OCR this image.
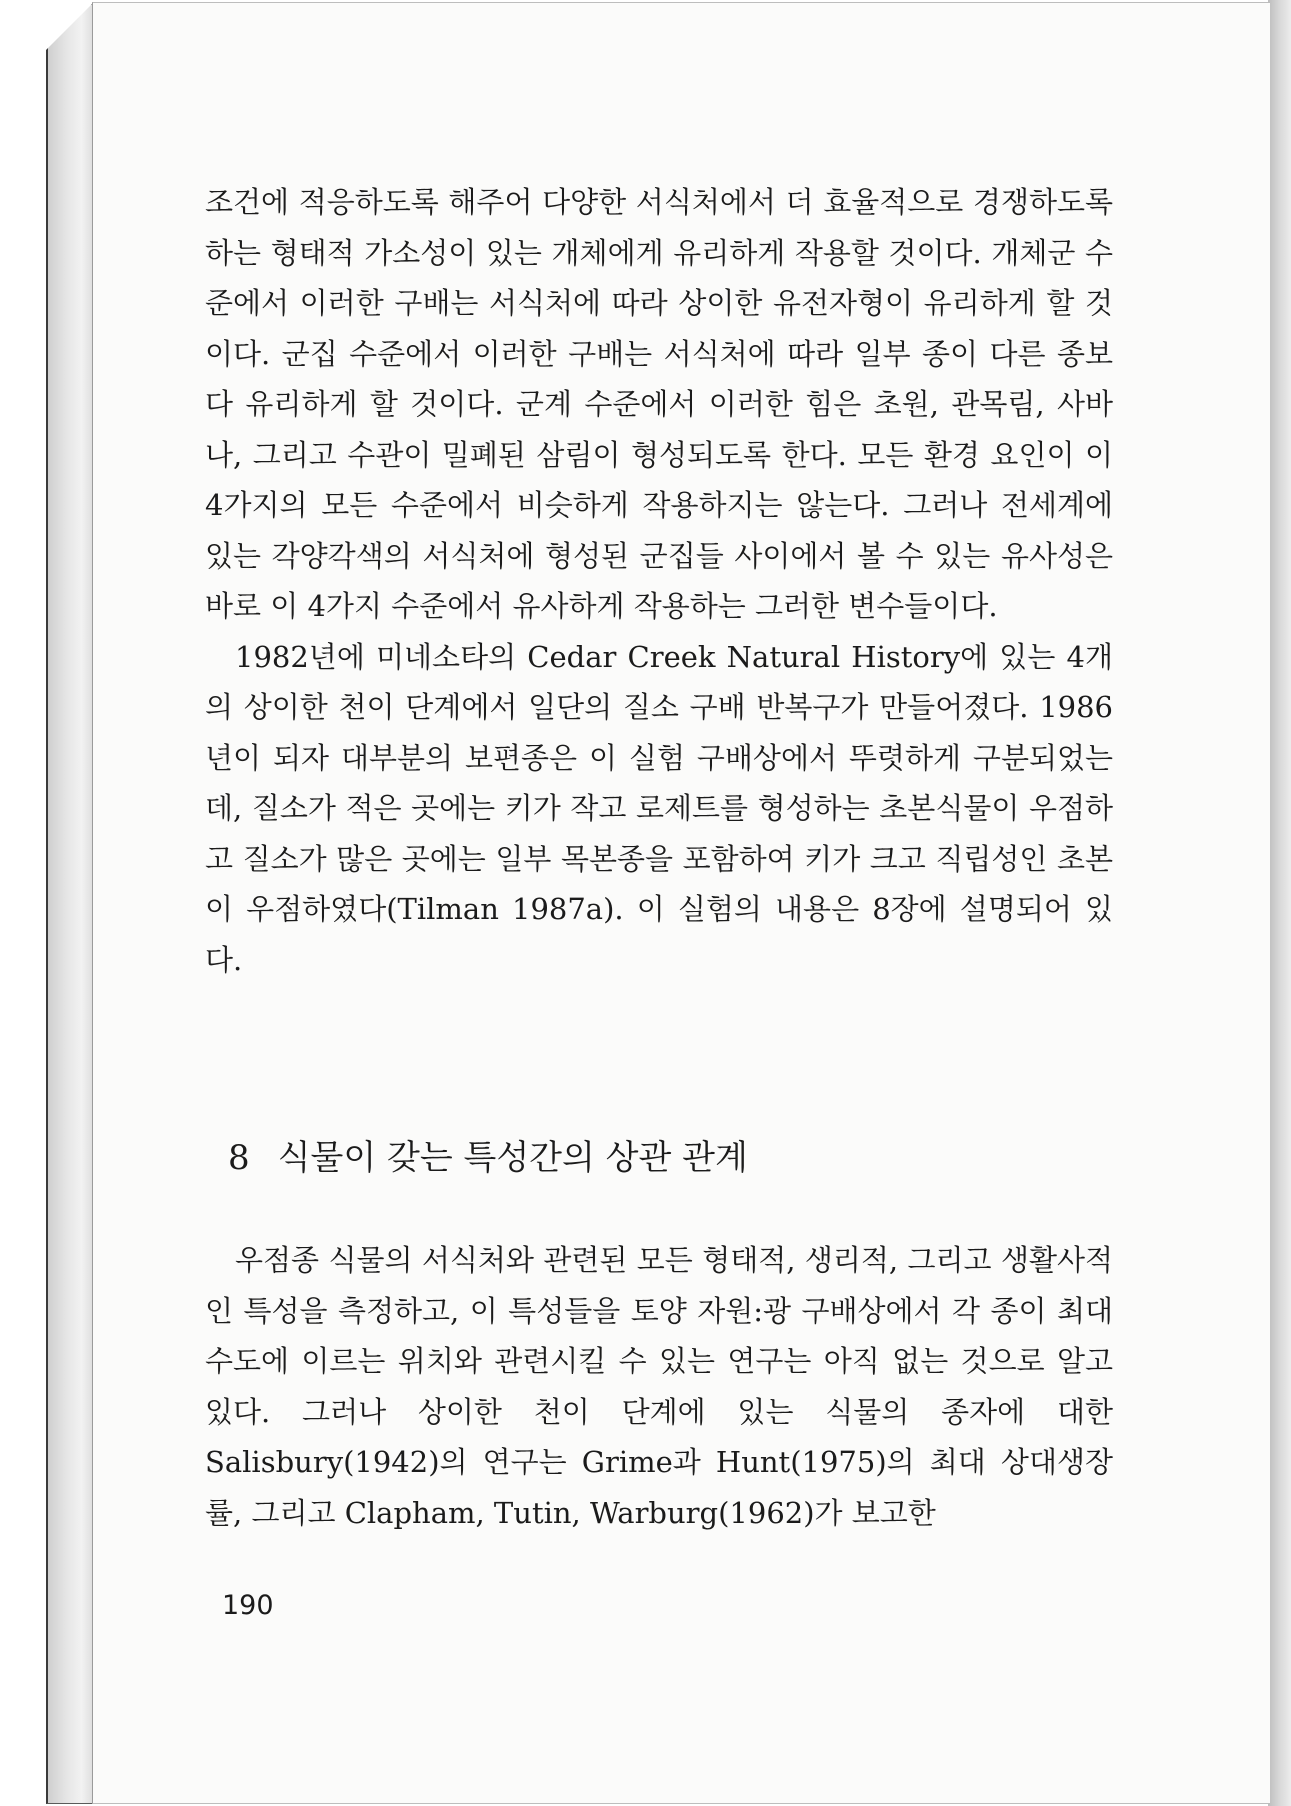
조건에 적응하도록 해주어 다양한 서식처에서 더 효율적으로 경쟁하도록 하는 형태적 가소성이 있는 개체에게 유리하게 작용할 것이다. 개체군 수준에서 이러한 구배는 서식처에 따라 상이한 유전자형이 유리하게 할 것이다. 군집 수준에서 이러한 구배는 서식처에 따라 일부 종이 다른 종보다 유리하게 할 것이다. 군계 수준에서 이러한 힘은 초원, 관목림, 사바나, 그리고 수관이 밀폐된 삼림이 형성되도록 한다. 모든 환경 요인이 이 4가지의 모든 수준에서 비슷하게 작용하지는 않는다. 그러나 전세계에 있는 각양각색의 서식처에 형성된 군집들 사이에서 볼 수 있는 유사성은 바로 이 4가지 수준에서 유사하게 작용하는 그러한 변수들이다.

1982년에 미네소타의 Cedar Creek Natural History에 있는 4개의 상이한 천이 단계에서 일단의 질소 구배 반복구가 만들어졌다. 1986년이 되자 대부분의 보편종은 이 실험 구배상에서 뚜렷하게 구분되었는데, 질소가 적은 곳에는 키가 작고 로제트를 형성하는 초본식물이 우점하고 질소가 많은 곳에는 일부 목본종을 포함하여 키가 크고 직립성인 초본이 우점하였다(Tilman 1987a). 이 실험의 내용은 8장에 설명되어 있다.

8 식물이 갖는 특성간의 상관 관계

우점종 식물의 서식처와 관련된 모든 형태적, 생리적, 그리고 생활사적인 특성을 측정하고, 이 특성들을 토양 자원:광 구배상에서 각 종이 최대 수도에 이르는 위치와 관련시킬 수 있는 연구는 아직 없는 것으로 알고 있다. 그러나 상이한 천이 단계에 있는 식물의 종자에 대한 Salisbury(1942)의 연구는 Grime과 Hunt(1975)의 최대 상대생장률, 그리고 Clapham, Tutin, Warburg(1962)가 보고한

190
